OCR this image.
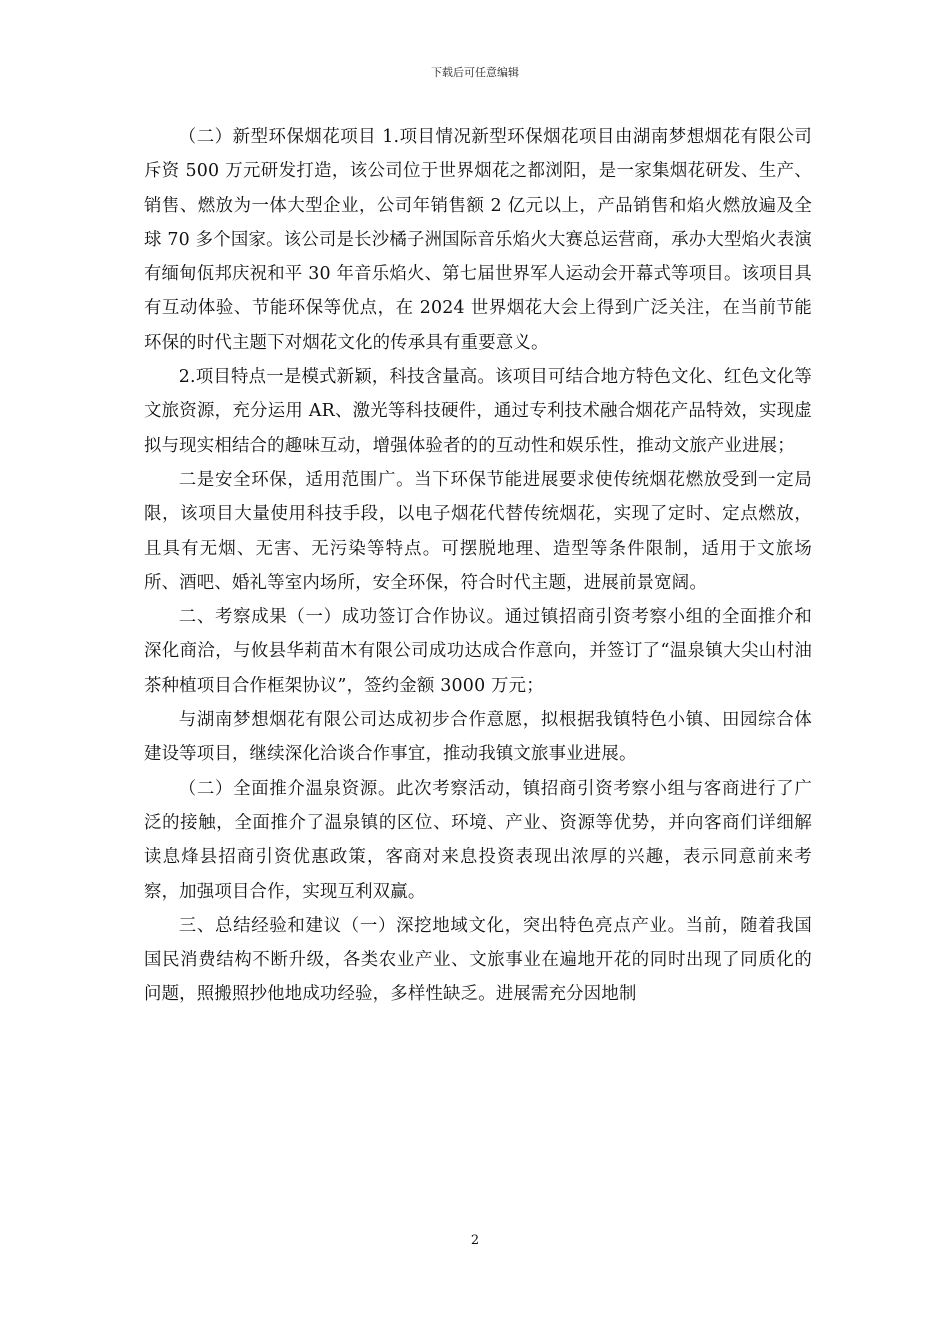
下载后可任意编辑

（二）新型环保烟花项目 1.项目情况新型环保烟花项目由湖南梦想烟花有限公司斥资 500 万元研发打造，该公司位于世界烟花之都浏阳，是一家集烟花研发、生产、销售、燃放为一体大型企业，公司年销售额 2 亿元以上，产品销售和焰火燃放遍及全球 70 多个国家。该公司是长沙橘子洲国际音乐焰火大赛总运营商，承办大型焰火表演有缅甸佤邦庆祝和平 30 年音乐焰火、第七届世界军人运动会开幕式等项目。该项目具有互动体验、节能环保等优点，在 2024 世界烟花大会上得到广泛关注，在当前节能环保的时代主题下对烟花文化的传承具有重要意义。

2.项目特点一是模式新颖，科技含量高。该项目可结合地方特色文化、红色文化等文旅资源，充分运用 AR、激光等科技硬件，通过专利技术融合烟花产品特效，实现虚拟与现实相结合的趣味互动，增强体验者的的互动性和娱乐性，推动文旅产业进展；

二是安全环保，适用范围广。当下环保节能进展要求使传统烟花燃放受到一定局限，该项目大量使用科技手段，以电子烟花代替传统烟花，实现了定时、定点燃放，且具有无烟、无害、无污染等特点。可摆脱地理、造型等条件限制，适用于文旅场所、酒吧、婚礼等室内场所，安全环保，符合时代主题，进展前景宽阔。

二、考察成果（一）成功签订合作协议。通过镇招商引资考察小组的全面推介和深化商洽，与攸县华莉苗木有限公司成功达成合作意向，并签订了“温泉镇大尖山村油茶种植项目合作框架协议”，签约金额 3000 万元；

与湖南梦想烟花有限公司达成初步合作意愿，拟根据我镇特色小镇、田园综合体建设等项目，继续深化洽谈合作事宜，推动我镇文旅事业进展。

（二）全面推介温泉资源。此次考察活动，镇招商引资考察小组与客商进行了广泛的接触，全面推介了温泉镇的区位、环境、产业、资源等优势，并向客商们详细解读息烽县招商引资优惠政策，客商对来息投资表现出浓厚的兴趣，表示同意前来考察，加强项目合作，实现互利双赢。

三、总结经验和建议（一）深挖地域文化，突出特色亮点产业。当前，随着我国国民消费结构不断升级，各类农业产业、文旅事业在遍地开花的同时出现了同质化的问题，照搬照抄他地成功经验，多样性缺乏。进展需充分因地制

2
